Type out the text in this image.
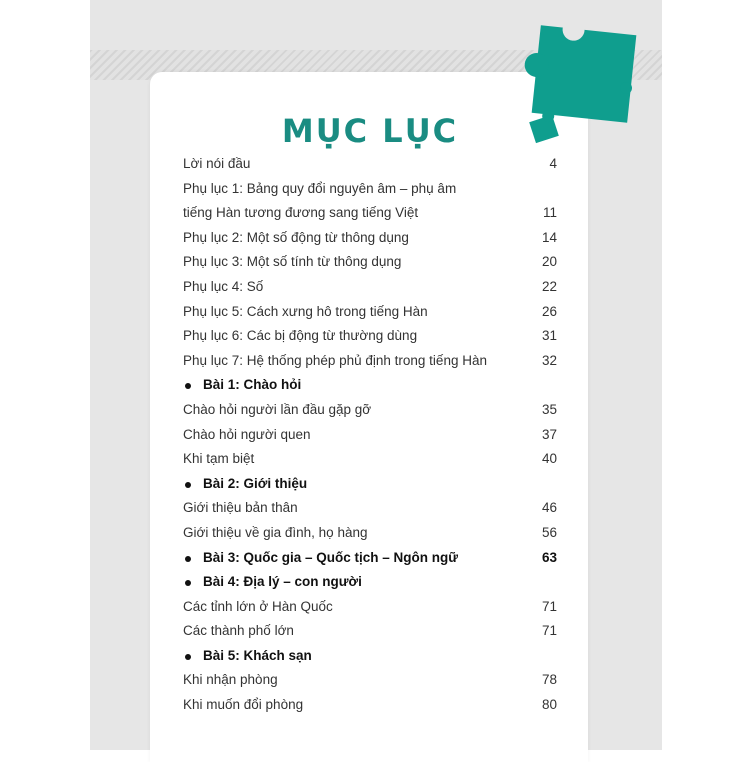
MỤC LỤC
Lời nói đầu	4
Phụ lục 1: Bảng quy đổi nguyên âm – phụ âm
tiếng Hàn tương đương sang tiếng Việt	11
Phụ lục 2: Một số động từ thông dụng	14
Phụ lục 3: Một số tính từ thông dụng	20
Phụ lục 4: Số	22
Phụ lục 5: Cách xưng hô trong tiếng Hàn	26
Phụ lục 6: Các bị động từ thường dùng	31
Phụ lục 7: Hệ thống phép phủ định trong tiếng Hàn	32
Bài 1: Chào hỏi
Chào hỏi người lần đầu gặp gỡ	35
Chào hỏi người quen	37
Khi tạm biệt	40
Bài 2: Giới thiệu
Giới thiệu bản thân	46
Giới thiệu về gia đình, họ hàng	56
Bài 3: Quốc gia – Quốc tịch – Ngôn ngữ	63
Bài 4: Địa lý – con người
Các tỉnh lớn ở Hàn Quốc	71
Các thành phố lớn	71
Bài 5: Khách sạn
Khi nhận phòng	78
Khi muốn đổi phòng	80
